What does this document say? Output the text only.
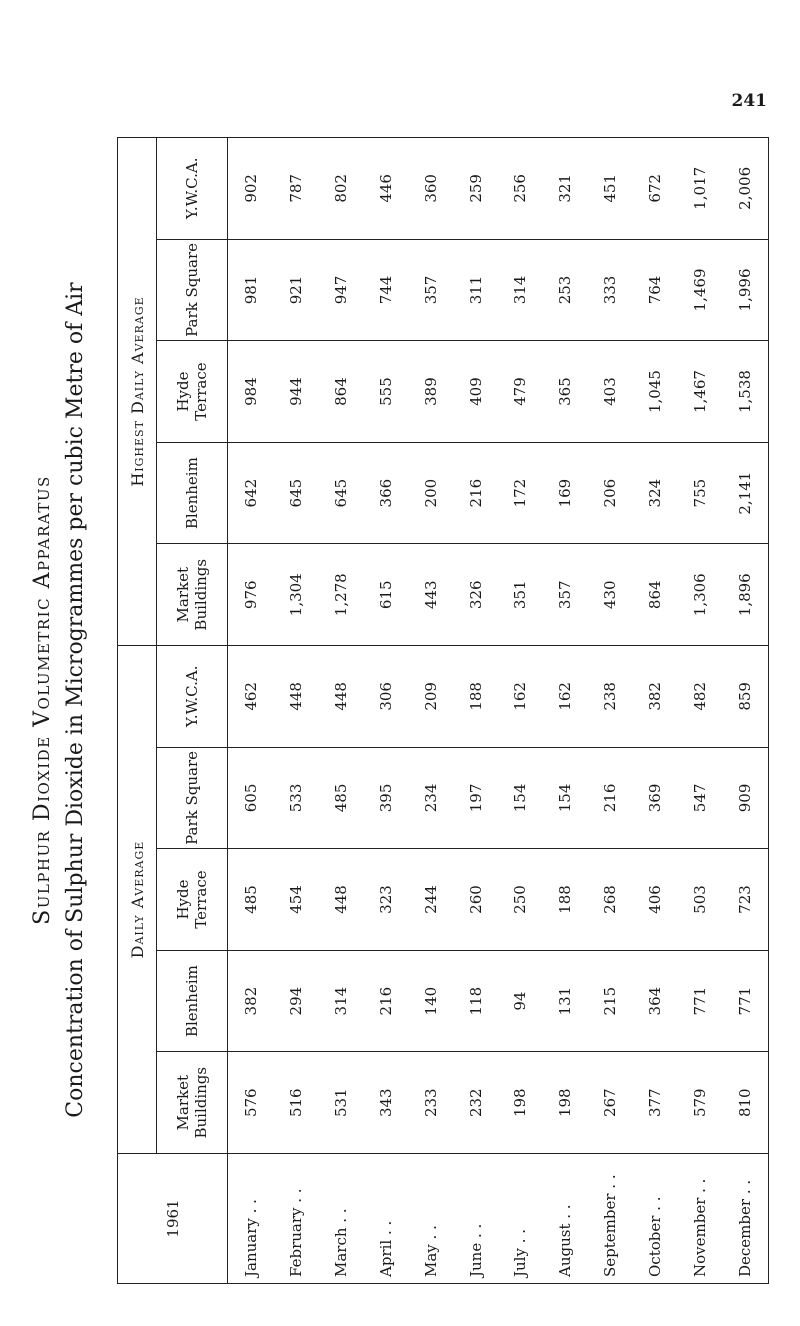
241
Sulphur Dioxide Volumetric Apparatus Concentration of Sulphur Dioxide in Microgrammes per cubic Metre of Air
1961	Daily Average					Highest Daily Average				
	Market Buildings	Blenheim	Hyde Terrace	Park Square	Y.W.C.A.	Market Buildings	Blenheim	Hyde Terrace	Park Square	Y.W.C.A.
January . .	576	382	485	605	462	976	642	984	981	902
February . .	516	294	454	533	448	1,304	645	944	921	787
March . .	531	314	448	485	448	1,278	645	864	947	802
April . .	343	216	323	395	306	615	366	555	744	446
May . .	233	140	244	234	209	443	200	389	357	360
June . .	232	118	260	197	188	326	216	409	311	259
July . .	198	94	250	154	162	351	172	479	314	256
August . .	198	131	188	154	162	357	169	365	253	321
September . .	267	215	268	216	238	430	206	403	333	451
October . .	377	364	406	369	382	864	324	1,045	764	672
November . .	579	771	503	547	482	1,306	755	1,467	1,469	1,017
December . .	810	771	723	909	859	1,896	2,141	1,538	1,996	2,006
